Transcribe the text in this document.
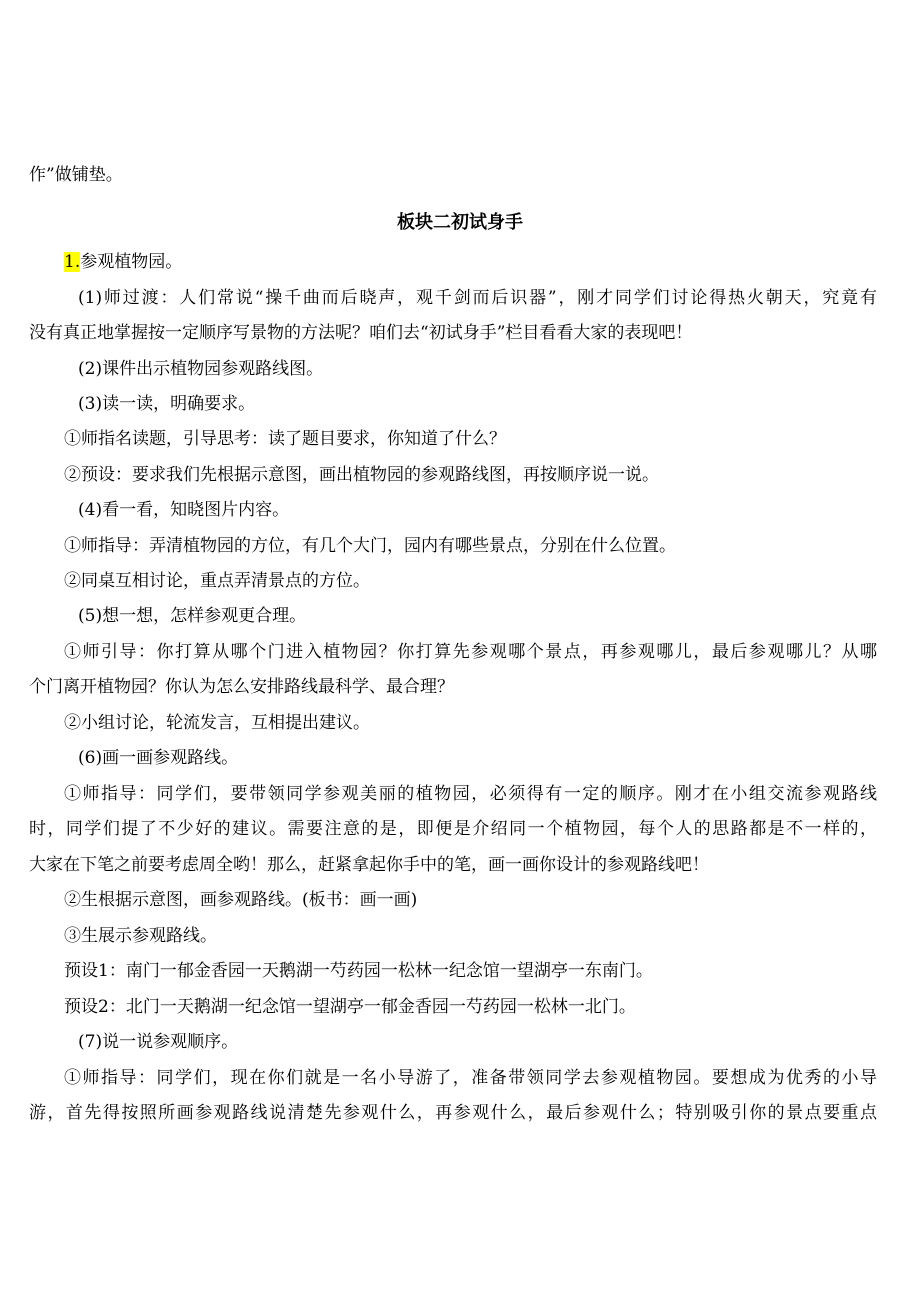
作”做铺垫。
板块二初试身手
1.参观植物园。
(1)师过渡：人们常说“操千曲而后晓声，观千剑而后识器”，刚才同学们讨论得热火朝天，究竟有
没有真正地掌握按一定顺序写景物的方法呢？咱们去“初试身手”栏目看看大家的表现吧！
(2)课件出示植物园参观路线图。
(3)读一读，明确要求。
①师指名读题，引导思考：读了题目要求，你知道了什么？
②预设：要求我们先根据示意图，画出植物园的参观路线图，再按顺序说一说。
(4)看一看，知晓图片内容。
①师指导：弄清植物园的方位，有几个大门，园内有哪些景点，分别在什么位置。
②同桌互相讨论，重点弄清景点的方位。
(5)想一想，怎样参观更合理。
①师引导：你打算从哪个门进入植物园？你打算先参观哪个景点，再参观哪儿，最后参观哪儿？从哪
个门离开植物园？你认为怎么安排路线最科学、最合理？
②小组讨论，轮流发言，互相提出建议。
(6)画一画参观路线。
①师指导：同学们，要带领同学参观美丽的植物园，必须得有一定的顺序。刚才在小组交流参观路线
时，同学们提了不少好的建议。需要注意的是，即便是介绍同一个植物园，每个人的思路都是不一样的，
大家在下笔之前要考虑周全哟！那么，赶紧拿起你手中的笔，画一画你设计的参观路线吧！
②生根据示意图，画参观路线。(板书：画一画)
③生展示参观路线。
预设1：南门一郁金香园一天鹅湖一芍药园一松林一纪念馆一望湖亭一东南门。
预设2：北门一天鹅湖一纪念馆一望湖亭一郁金香园一芍药园一松林一北门。
(7)说一说参观顺序。
①师指导：同学们，现在你们就是一名小导游了，准备带领同学去参观植物园。要想成为优秀的小导
游，首先得按照所画参观路线说清楚先参观什么，再参观什么，最后参观什么；特别吸引你的景点要重点
